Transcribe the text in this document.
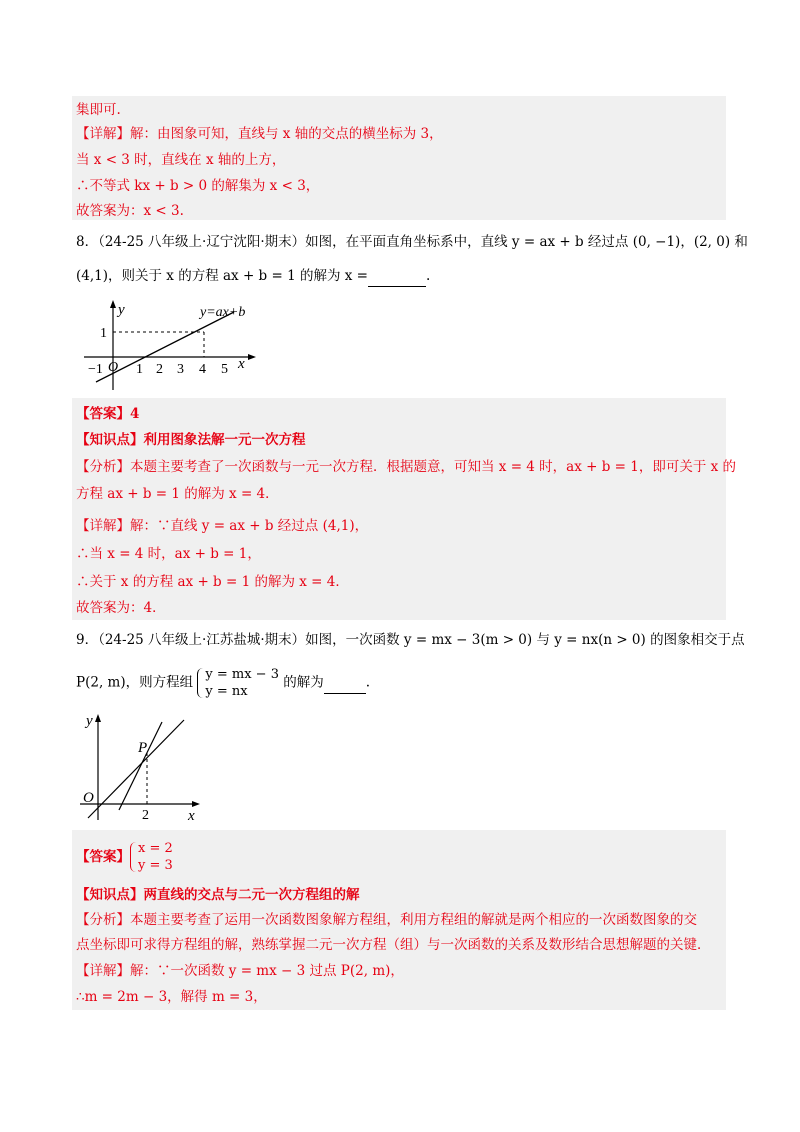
集即可.
【详解】解：由图象可知，直线与 x 轴的交点的横坐标为 3，
当 x < 3 时，直线在 x 轴的上方，
∴不等式 kx + b > 0 的解集为 x < 3，
故答案为：x < 3.
8．（24-25 八年级上·辽宁沈阳·期末）如图，在平面直角坐标系中，直线 y = ax + b 经过点 (0, −1)，(2, 0) 和
(4,1)，则关于 x 的方程 ax + b = 1 的解为 x =	.
y
x
y=ax+b
1
O
−1 1 2 3 4 5
【答案】4
【知识点】利用图象法解一元一次方程
【分析】本题主要考查了一次函数与一元一次方程．根据题意，可知当 x = 4 时，ax + b = 1，即可关于 x 的
方程 ax + b = 1 的解为 x = 4．
【详解】解：∵直线 y = ax + b 经过点 (4,1)，
∴当 x = 4 时，ax + b = 1，
∴关于 x 的方程 ax + b = 1 的解为 x = 4．
故答案为：4．
9．（24-25 八年级上·江苏盐城·期末）如图，一次函数 y = mx − 3(m > 0) 与 y = nx(n > 0) 的图象相交于点
P(2, m)，则方程组 y = mx − 3
y = nx
的解为	.
y
x
O
P
2
【答案】
x = 2
y = 3
【知识点】两直线的交点与二元一次方程组的解
【分析】本题主要考查了运用一次函数图象解方程组，利用方程组的解就是两个相应的一次函数图象的交
点坐标即可求得方程组的解，熟练掌握二元一次方程（组）与一次函数的关系及数形结合思想解题的关键．
【详解】解：∵一次函数 y = mx − 3 过点 P(2, m)，
∴m = 2m − 3，解得 m = 3，
